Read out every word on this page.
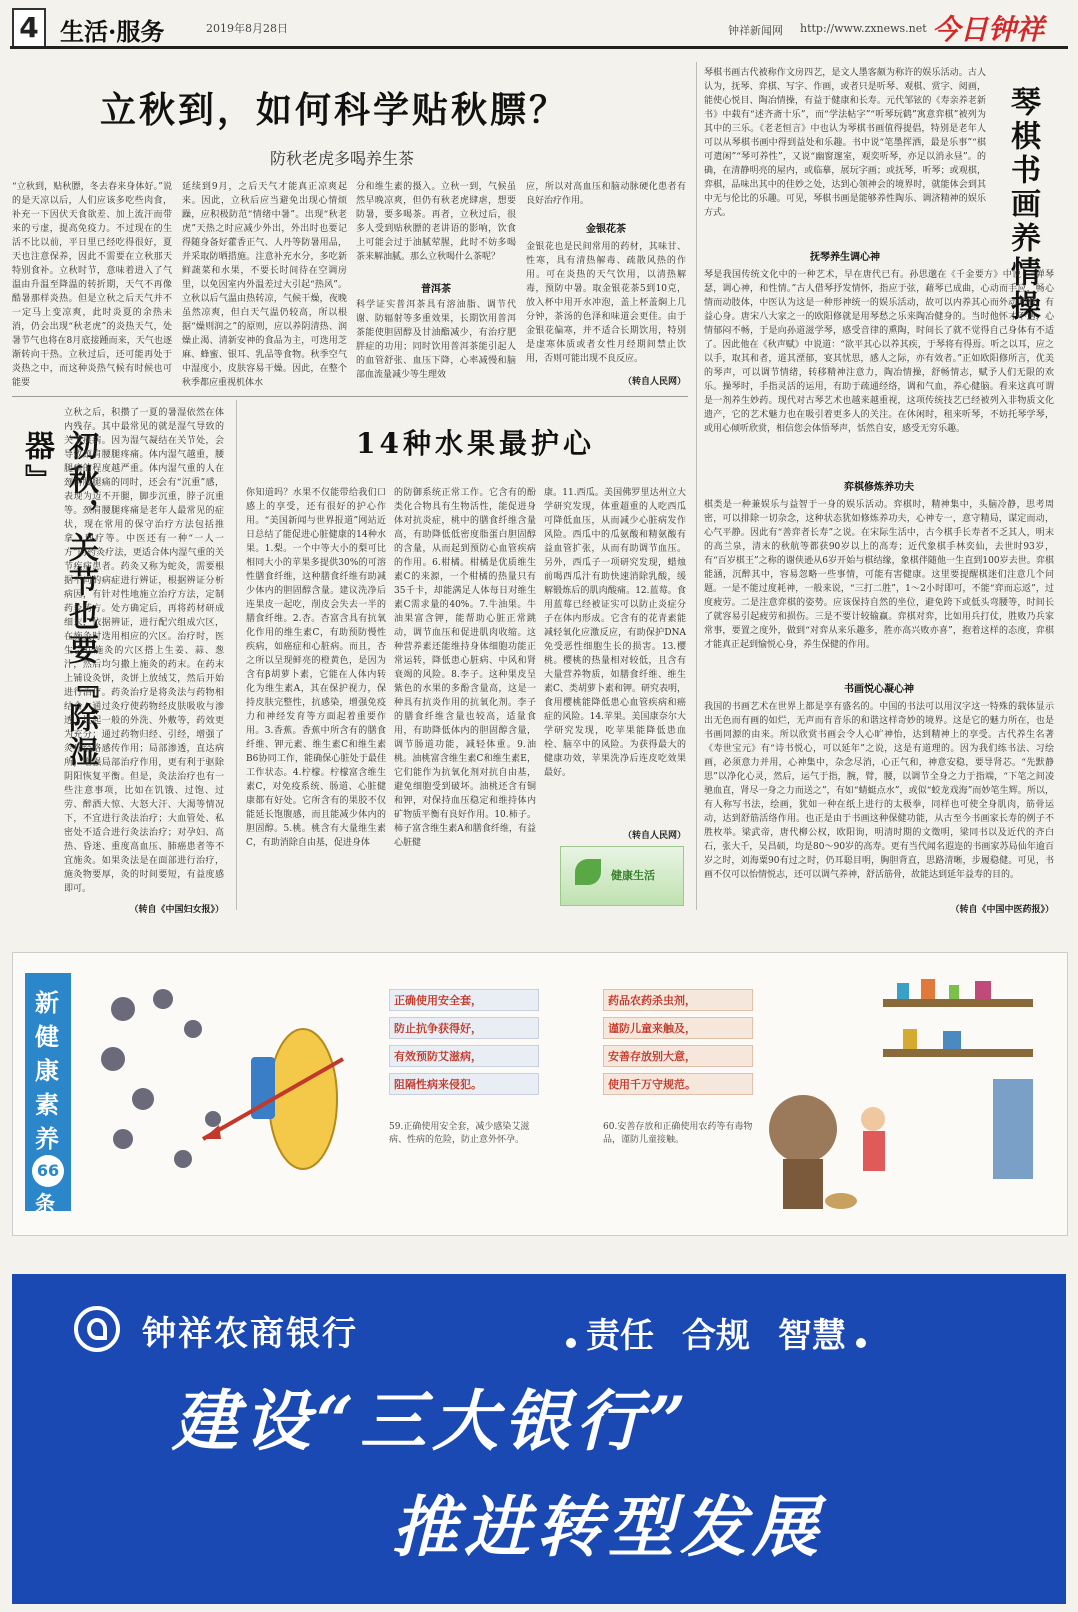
4 生活·服务	2019年8月28日	钟祥新闻网 http://www.zxnews.net 今日钟祥
立秋到，如何科学贴秋膘？
防秋老虎多喝养生茶
“立秋到，贴秋膘，冬去春来身体好。”说的是天凉以后，人们应该多吃些肉食，补充一下因伏天食欲差、加上流汗而带来的亏虚，提高免疫力。不过现在的生活不比以前，平日里已经吃得很好，夏天也注意保养，因此不需要在立秋那天特别食补。立秋时节，意味着进入了气温由升温至降温的转折期，天气不再像酷暑那样炎热。但是立秋之后天气并不一定马上变凉爽，此时炎夏的余热未消，仍会出现“秋老虎”的炎热天气，处暑节气也将在8月底接踵而来，天气也逐渐转向干热。立秋过后，还可能再处于炎热之中，而这种炎热气候有时候也可能要
延续到9月，之后天气才能真正凉爽起来。因此，立秋后应当避免出现心情烦躁，应积极防范“情绪中暑”。出现“秋老虎”天热之时应减少外出，外出时也要记得随身备好藿香正气、人丹等防暑用品，并采取防晒措施。注意补充水分，多吃新鲜蔬菜和水果，不要长时间待在空调房里，以免因室内外温差过大引起“热风”。立秋以后气温由热转凉，气候干燥，夜晚虽然凉爽，但白天气温仍较高，所以根据“燥则润之”的原则，应以养阴清热、润燥止渴、清新安神的食品为主，可选用芝麻、蜂蜜、银耳、乳品等食物。秋季空气中湿度小，皮肤容易干燥。因此，在整个秋季都应重视机体水
分和维生素的摄入。立秋一到，气候虽然早晚凉爽，但仍有秋老虎肆虐，想要防暑，要多喝茶。再者，立秋过后，很多人受到贴秋膘的老讲语的影响，饮食上可能会过于油腻荤腥，此时不妨多喝茶来解油腻。那么立秋喝什么茶呢？
普洱茶
科学证实普洱茶具有溶油脂、调节代谢、防辐射等多重效果，长期饮用普洱茶能使胆固醇及甘油酯减少，有治疗肥胖症的功用；同时饮用普洱茶能引起人的血管舒张、血压下降，心率减慢和脑部血流量减少等生理效
应，所以对高血压和脑动脉硬化患者有良好治疗作用。
金银花茶
金银花也是民间常用的药材，其味甘、性寒，具有清热解毒、疏散风热的作用。可在炎热的天气饮用，以清热解毒，预防中暑。取金银花茶5到10克，放入杯中用开水冲泡，盖上杯盖焖上几分钟，茶汤的色泽和味道会更佳。由于金银花偏寒，并不适合长期饮用，特别是虚寒体质或者女性月经期间禁止饮用，否则可能出现不良反应。
（转自人民网）
初秋，关节也要『除湿器』
立秋之后，积攒了一夏的暑湿依然在体内残存。其中最常见的就是湿气导致的关节疾病。因为湿气凝结在关节处，会导致颈肩腰腿疼痛。体内湿气越重，腰腿痛的程度越严重。体内湿气重的人在颈肩腰腿痛的同时，还会有“沉重”感，表现为迈不开腿，脚步沉重，脖子沉重等。颈肩腰腿疼痛是老年人最常见的症状，现在常用的保守治疗方法包括推拿、理疗等。中医还有一种“一人一方”的药灸疗法，更适合体内湿气重的关节疾病患者。药灸又称为蛇灸，需要根据不同的病症进行辨证，根据辨证分析病因，有针对性地施立治疗方法，定制药灸药方。处方确定后，再将药材研成细末，依据辨证，进行配穴组成穴区，在施灸时选用相应的穴区。治疗时，医生会在施灸的穴区搭上生姜、蒜、葱汁，然后均匀撒上施灸的药末。在药末上铺设灸饼，灸饼上放绒艾，然后开始进行治疗。药灸治疗是将灸法与药物相结合，通过灸疗使药物经皮肤吸收与渗透，比起一般的外洗、外敷等，药效更为充分；通过药物归经、引经，增强了灸疗经络感传作用；局部渗透，直达病所，增强局部治疗作用，更有利于驱除阴阳恢复平衡。但是，灸法治疗也有一些注意事项，比如在饥饿、过饱、过劳、醉酒大惊、大怒大汗、大渴等情况下，不宜进行灸法治疗；大血管处、私密处不适合进行灸法治疗；对孕妇、高热、昏迷、重度高血压、肺癌患者等不宜施灸。如果灸法是在面部进行治疗，施灸物要厚，灸的时间要短，有益度感即可。
（转自《中国妇女报》）
14种水果最护心
你知道吗？水果不仅能带给我们口感上的享受，还有很好的护心作用。“美国新闻与世界报道”网站近日总结了能促进心脏健康的14种水果。1.梨。一个中等大小的梨可比相同大小的苹果多提供30%的可溶性膳食纤维，这种膳食纤维有助减少体内的胆固醇含量。建议洗净后连果皮一起吃，削皮会失去一半的膳食纤维。2.杏。杏富含具有抗氧化作用的维生素C，有助预防慢性疾病，如癌症和心脏病。而且，杏之所以呈现鲜亮的橙黄色，是因为含有β胡萝卜素，它能在人体内转化为维生素A，其在保护视力，保持皮肤完整性，抗感染，增强免疫力和神经发育等方面起着重要作用。3.香蕉。香蕉中所含有的膳食纤维、钾元素、维生素C和维生素B6协同工作，能确保心脏处于最佳工作状态。4.柠檬。柠檬富含维生素C，对免疫系统、肠道、心脏健康都有好处。它所含有的果胶不仅能延长饱腹感，而且能减少体内的胆固醇。5.桃。桃含有大量维生素C，有助消除自由基，促进身体
的防御系统正常工作。它含有的酚类化合物具有生物活性，能促进身体对抗炎症，桃中的膳食纤维含量高，有助降低低密度脂蛋白胆固醇的含量，从而起到预防心血管疾病的作用。6.柑橘。柑橘是优质维生素C的来源，一个柑橘的热量只有35千卡，却能满足人体每日对维生素C需求量的40%。7.牛油果。牛油果富含钾，能帮助心脏正常跳动，调节血压和促进肌肉收缩。这种营养素还能维持身体细胞功能正常运转，降低患心脏病、中风和肾衰竭的风险。8.李子。这种果皮呈紫色的水果的多酚含量高，这是一种具有抗炎作用的抗氧化剂。李子的膳食纤维含量也较高，适量食用，有助降低体内的胆固醇含量，调节肠道功能，减轻体重。9.油桃。油桃富含维生素C和维生素E，它们能作为抗氧化剂对抗自由基，避免细胞受到破坏。油桃还含有铜和钾，对保持血压稳定和维持体内矿物质平衡有良好作用。10.柿子。柿子富含维生素A和膳食纤维，有益心脏健
康。11.西瓜。美国佛罗里达州立大学研究发现，体重超重的人吃西瓜可降低血压，从而减少心脏病发作风险。西瓜中的瓜氨酸和精氨酸有益血管扩张，从而有助调节血压。另外，西瓜子一项研究发现，蜡烛前喝西瓜汁有助快速消除乳酸，缓解锻炼后的肌肉酸痛。12.蓝莓。食用蓝莓已经被证实可以防止炎症分子在体内形成。它含有的花青素能减轻氧化应激反应，有助保护DNA免受恶性细胞生长的损害。13.樱桃。樱桃的热量相对较低，且含有大量营养物质，如膳食纤维、维生素C、类胡萝卜素和钾。研究表明，食用樱桃能降低患心血管疾病和癌症的风险。14.苹果。美国康奈尔大学研究发现，吃苹果能降低患血栓、脑卒中的风险。为获得最大的健康功效，苹果洗净后连皮吃效果最好。
（转自人民网）
健康生活
琴棋书画养情操
琴棋书画古代被称作文房四艺，是文人墨客颇为称许的娱乐活动。古人认为，抚琴、弈棋、写字、作画，或者只是听琴、观棋、赏字、阅画，能使心悦目、陶冶情操，有益于健康和长寿。元代邹铉的《寿亲养老新书》中载有“述齐斋十乐”，而“学法帖字”“听琴玩鹤”寓意弈棋”被列为其中的三乐。《老老恒言》中也认为琴棋书画值得提倡，特别是老年人可以从琴棋书画中得到益处和乐趣。书中说“笔墨挥洒，最是乐事”“棋可遣闲”“琴可养性”，又说“幽窗邃室，观奕听琴，亦足以消永昼”。的确，在清静明亮的屋内，或临摹，展玩字画；或抚琴，听琴；或观棋，弈棋，品味出其中的佳妙之处，达到心领神会的境界时，就能体会到其中无与伦比的乐趣。可见，琴棋书画是能够养性陶乐、调济精神的娱乐方式。
抚琴养生调心神
琴是我国传统文化中的一种艺术，早在唐代已有。孙思邈在《千金要方》中说：“弹琴瑟，调心神，和性情。”古人借琴抒发情怀，指应于弦，藉琴已成曲，心动而手应，畅心情而动肢体，中医认为这是一种形神统一的娱乐活动，故可以内养其心而外动其形，有益心身。唐宋八大家之一的欧阳修就是用琴愁之乐来陶冶健身的。当时他怀才不遇，心情郁闷不畅，于是向孙道滋学琴，感受音律的熏陶，时间长了就不觉得自己身体有不适了。因此他在《秋声赋》中说道：“欲平其心以养其疾，于琴将有得焉。听之以耳，应之以手，取其和者，道其湮郁，宴其忧思，感人之际，亦有效者。”正如欧阳修所言，优美的琴声，可以调节情绪，转移精神注意力，陶冶情操，舒畅情志，赋予人们无限的欢乐。操琴时，手指灵活的运用，有助于疏通经络，调和气血，养心健脑。看来这真可谓是一剂养生妙药。现代对古琴艺术也越来越重视，这项传统技艺已经被列入非物质文化遗产，它的艺术魅力也在吸引着更多人的关注。在休闲时，租来听琴，不妨托琴学琴，或用心倾听欣赏，相信您会体悟琴声，恬然自安，感受无穷乐趣。
弈棋修炼养功夫
棋类是一种兼娱乐与益智于一身的娱乐活动。弈棋时，精神集中，头脑冷静，思考周密，可以排除一切杂念，这种状态犹如修炼养功夫，心神专一，意守精局，谋定而动，心气平静。因此有“善弈者长寿”之说。在宋际生活中，古今棋手长寿者不乏其人，明末的高兰泉，清末的秋航等都获90岁以上的高寿；近代象棋手林奕仙，去世时93岁，有“百岁棋王”之称的谢侠逊从6岁开始与棋结缘，象棋伴随他一生直到100岁去世。弈棋能涵，沉醉其中，容易忽略一些事情，可能有害健康。这里要提醒棋迷们注意几个问题。一是不能过度耗神，一般来说，“三打二胜”，1～2小时即可，不能“弈而忘返”，过度疲劳。二是注意弈棋的姿势。应该保持自然的坐位，避免跨下或低头弯腰等，时间长了就容易引起疲劳和损伤。三是不要计较输赢。弈棋对弈，比如用兵打仗，胜败乃兵家常事，要置之度外，做到“对弈从来乐趣多，胜亦高兴败亦喜”，抱着这样的态度，弈棋才能真正起到愉悦心身，养生保健的作用。
书画悦心凝心神
我国的书画艺术在世界上都是享有盛名的。中国的书法可以用汉字这一特殊的载体显示出无色而有画的如烂，无声而有音乐的和谐这样奇妙的境界。这是它的魅力所在，也是书画同源的由来。所以欣赏书画会令人心旷神怡，达到精神上的享受。古代养生名著《寿世宝元》有“诗书悦心，可以延年”之说，这是有道理的。因为我们练书法、习绘画，必须意力并用，心神集中，杂念尽消，心正气和，神意安稳，要导肾芯。“先默静思”以净化心灵，然后，运气于指，腕，臂，腰，以调节全身之力于指端，“下笔之间凌驰血直，肾尽一身之力而送之”，有如“蜻蜓点水”，或似“蛟龙戏海”而妙笔生辉。所以，有人称写书法，绘画，犹如一种在纸上进行的太极拳，同样也可使全身肌肉，筋骨运动，达到舒筋活络作用。也正是由于书画这种保健功能，从古至今书画家长寿的例子不胜枚举。梁武帝，唐代柳公权，欧阳询，明清时期的文徵明，梁同书以及近代的齐白石，张大千，吴昌硕，均是80～90岁的高寿。更有当代闻名遐迩的书画家苏局仙年逾百岁之时，刘海粟90有过之时，仍耳聪目明，胸胆背直，思路清晰，步履稳健。可见，书画不仅可以怡情悦志，还可以调气养神，舒活筋骨，故能达到延年益寿的目的。
（转自《中国中医药报》）
新
健
康
素
养
66
条
正确使用安全套，
防止抗争获得好，
有效预防艾滋病，
阻隔性病来侵犯。
59.正确使用安全套，减少感染艾滋病、性病的危险，防止意外怀孕。
药品农药杀虫剂，
谨防儿童来触及，
安善存放别大意，
使用千万守规范。
60.安善存放和正确使用农药等有毒物品，谨防儿童接触。
钟祥农商银行	责任 合规 智慧
建设“三大银行”
推进转型发展
